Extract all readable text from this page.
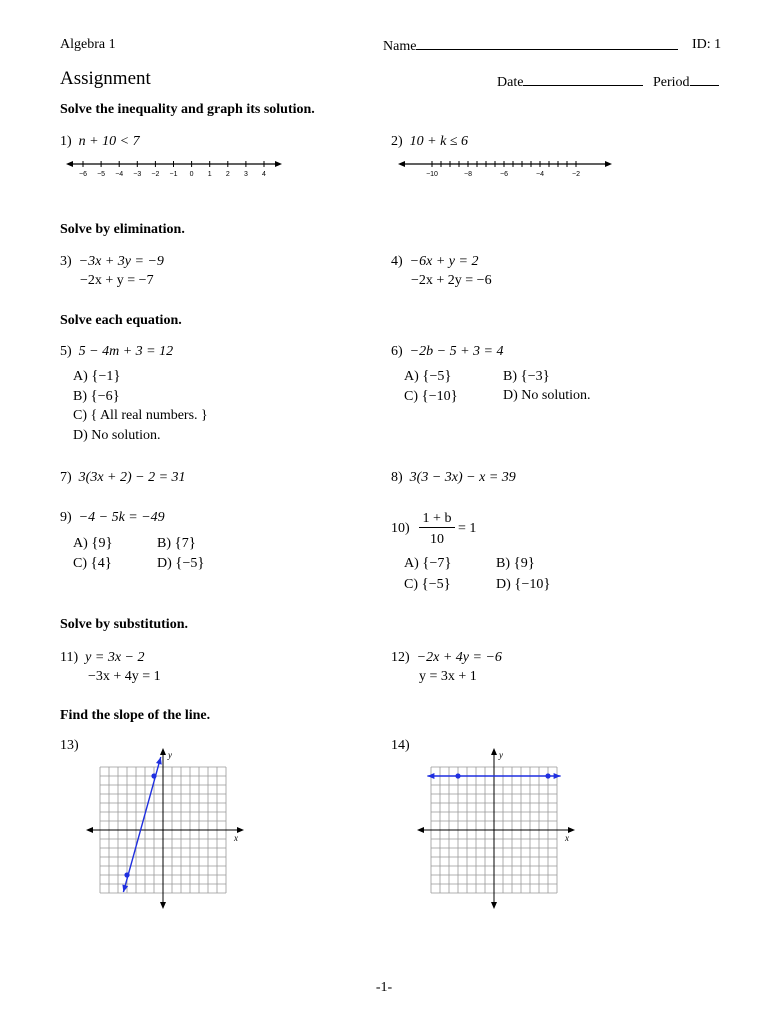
Algebra 1	Name	ID: 1
Assignment	Date	Period
Solve the inequality and graph its solution.
1) n + 10 < 7
−6 −5 −4 −3 −2 −1 0 1 2 3 4
2) 10 + k ≤ 6
−10	−8	−6	−4	−2
Solve by elimination.
3) −3x + 3y = −9
−2x + y = −7
4) −6x + y = 2
−2x + 2y = −6
Solve each equation.
5) 5 − 4m + 3 = 12
A) {−1}
B) {−6}
C) { All real numbers. }
D) No solution.
6) −2b − 5 + 3 = 4
A) {−5}	B) {−3}
C) {−10}	D) No solution.
7) 3(3x + 2) − 2 = 31	8) 3(3 − 3x) − x = 39
9) −4 − 5k = −49
A) {9}	B) {7}
C) {4}	D) {−5}
10)
1 + b
10
= 1
A) {−7}	B) {9}
C) {−5}	D) {−10}
Solve by substitution.
11) y = 3x − 2
−3x + 4y = 1
12) −2x + 4y = −6
y = 3x + 1
Find the slope of the line.
13)	14)
x
y
x
y
-1-
